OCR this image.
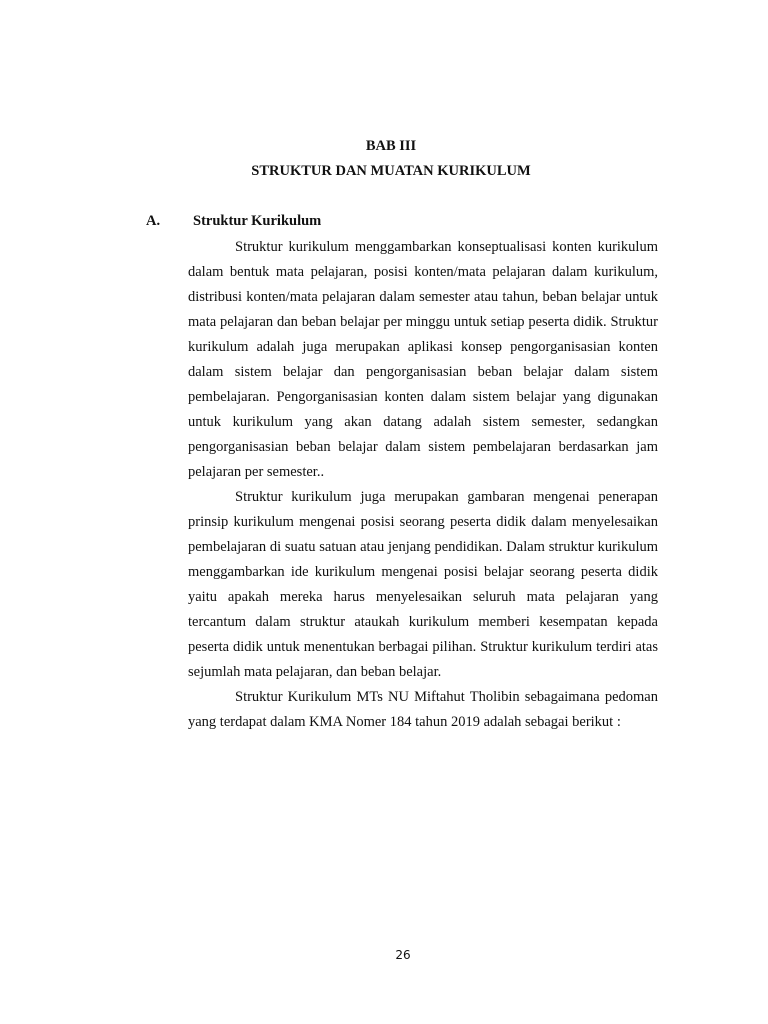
BAB III
STRUKTUR DAN MUATAN KURIKULUM
A. Struktur Kurikulum

Struktur kurikulum menggambarkan konseptualisasi konten kurikulum dalam bentuk mata pelajaran, posisi konten/mata pelajaran dalam kurikulum, distribusi konten/mata pelajaran dalam semester atau tahun, beban belajar untuk mata pelajaran dan beban belajar per minggu untuk setiap peserta didik. Struktur kurikulum adalah juga merupakan aplikasi konsep pengorganisasian konten dalam sistem belajar dan pengorganisasian beban belajar dalam sistem pembelajaran. Pengorganisasian konten dalam sistem belajar yang digunakan untuk kurikulum yang akan datang adalah sistem semester, sedangkan pengorganisasian beban belajar dalam sistem pembelajaran berdasarkan jam pelajaran per semester..

Struktur kurikulum juga merupakan gambaran mengenai penerapan prinsip kurikulum mengenai posisi seorang peserta didik dalam menyelesaikan pembelajaran di suatu satuan atau jenjang pendidikan. Dalam struktur kurikulum menggambarkan ide kurikulum mengenai posisi belajar seorang peserta didik yaitu apakah mereka harus menyelesaikan seluruh mata pelajaran yang tercantum dalam struktur ataukah kurikulum memberi kesempatan kepada peserta didik untuk menentukan berbagai pilihan. Struktur kurikulum terdiri atas sejumlah mata pelajaran, dan beban belajar.

Struktur Kurikulum MTs NU Miftahut Tholibin sebagaimana pedoman yang terdapat dalam KMA Nomer 184 tahun 2019 adalah sebagai berikut :

26
